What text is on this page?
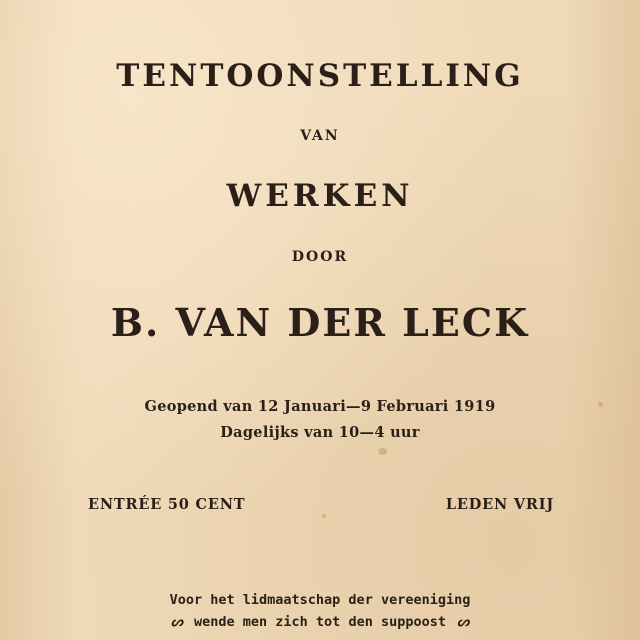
TENTOONSTELLING
VAN
WERKEN
DOOR
B. VAN DER LECK
Geopend van 12 Januari—9 Februari 1919
Dagelijks van 10—4 uur
ENTRÉE 50 CENT	LEDEN VRIJ
Voor het lidmaatschap der vereeniging
ᔕ wende men zich tot den suppoost ᔕ
